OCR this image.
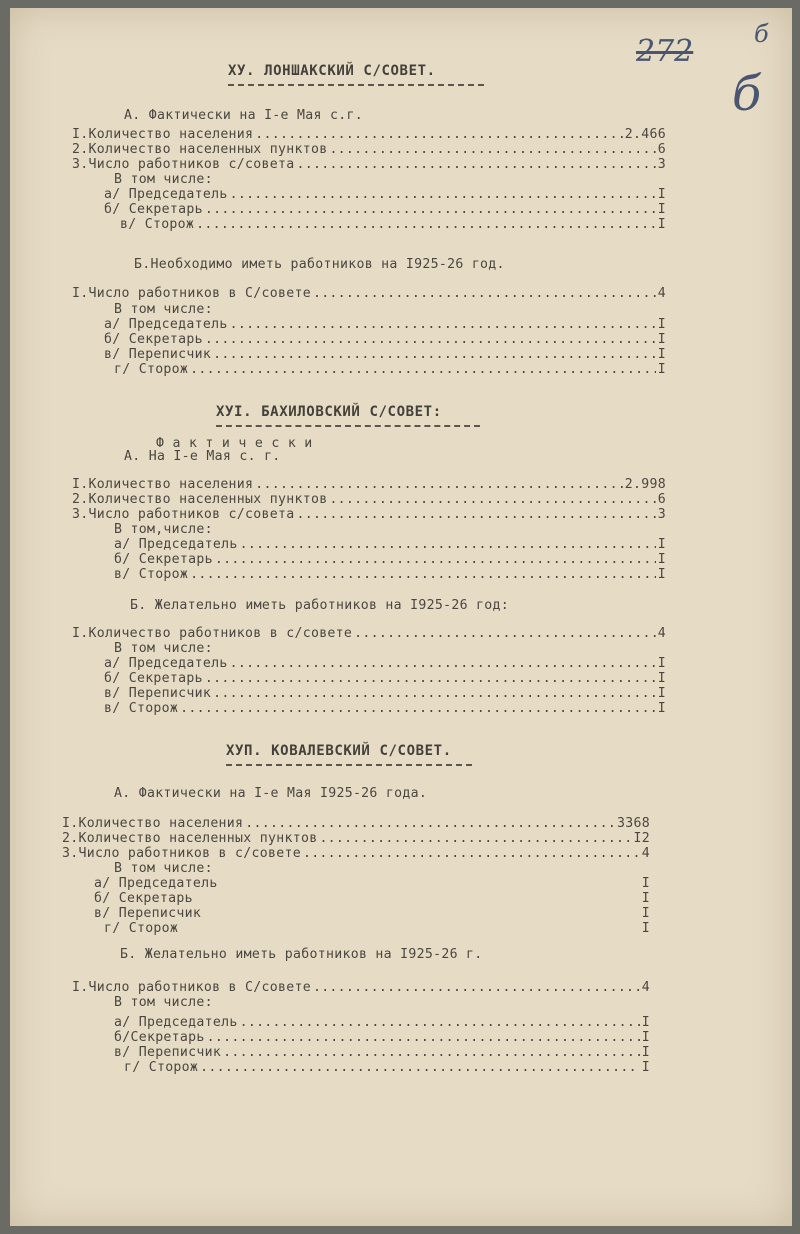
272	б
б
ХУ. ЛОНШАКСКИЙ С/СОВЕТ.
А. Фактически на I-е Мая с.г.
I. Количество населения .....	2.466
2. Количество населенных пунктов .....	6
3. Число работников с/совета .....	3
В том числе:
а/ Председатель .....	I
б/ Секретарь .....	I
в/ Сторож .....	I
Б.Необходимо иметь работников на I925-26 год.
I. Число работников в С/совете .....	4
В том числе:
а/ Председатель .....	I
б/ Секретарь .....	I
в/ Переписчик .....	I
г/ Сторож .....	I
ХУI. БАХИЛОВСКИЙ С/СОВЕТ:
Ф а к т и ч е с к и
А. На I-е Мая с. г.
I. Количество населения .....	2.998
2. Количество населенных пунктов .....	6
3. Число работников с/совета .....	3
В том,числе:
а/ Председатель .....	I
б/ Секретарь .....	I
в/ Сторож .....	I
Б. Желательно иметь работников на I925-26 год:
I. Количество работников в с/совете .....	4
В том числе:
а/ Председатель .....	I
б/ Секретарь .....	I
в/ Переписчик .....	I
в/ Сторож .....	I
ХУП. КОВАЛЕВСКИЙ С/СОВЕТ.
А. Фактически на I-е Мая I925-26 года.
I. Количество населения .....	3368
2. Количество населенных пунктов .....	I2
3. Число работников в с/совете .....	4
В том числе:
а/ Председатель	I
б/ Секретарь	I
в/ Переписчик	I
г/ Сторож	I
Б. Желательно иметь работников на I925-26 г.
I. Число работников в С/совете .....	4
В том числе:
а/ Председатель .....	I
б/Секретарь .....	I
в/ Переписчик .....	I
г/ Сторож .....	I
